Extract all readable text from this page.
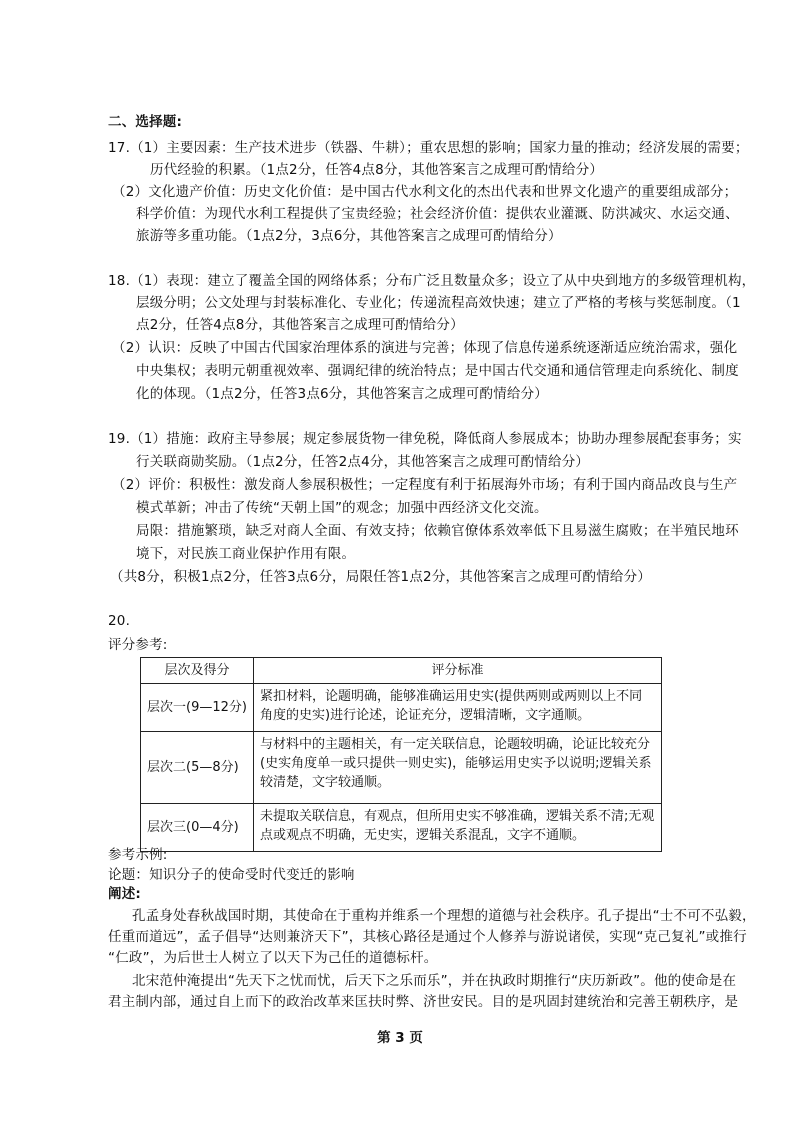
二、选择题:
17.（1）主要因素：生产技术进步（铁器、牛耕）；重农思想的影响；国家力量的推动；经济发展的需要；
历代经验的积累。（1点2分，任答4点8分，其他答案言之成理可酌情给分）
（2）文化遗产价值：历史文化价值：是中国古代水利文化的杰出代表和世界文化遗产的重要组成部分；
科学价值：为现代水利工程提供了宝贵经验；社会经济价值：提供农业灌溉、防洪减灾、水运交通、
旅游等多重功能。（1点2分，3点6分，其他答案言之成理可酌情给分）
18.（1）表现：建立了覆盖全国的网络体系；分布广泛且数量众多；设立了从中央到地方的多级管理机构，
层级分明；公文处理与封装标准化、专业化；传递流程高效快速；建立了严格的考核与奖惩制度。（1
点2分，任答4点8分，其他答案言之成理可酌情给分）
（2）认识：反映了中国古代国家治理体系的演进与完善；体现了信息传递系统逐渐适应统治需求，强化
中央集权；表明元朝重视效率、强调纪律的统治特点；是中国古代交通和通信管理走向系统化、制度
化的体现。（1点2分，任答3点6分，其他答案言之成理可酌情给分）
19.（1）措施：政府主导参展；规定参展货物一律免税，降低商人参展成本；协助办理参展配套事务；实
行关联商勋奖励。（1点2分，任答2点4分，其他答案言之成理可酌情给分）
（2）评价：积极性：激发商人参展积极性；一定程度有利于拓展海外市场；有利于国内商品改良与生产
模式革新；冲击了传统“天朝上国”的观念；加强中西经济文化交流。
局限：措施繁琐，缺乏对商人全面、有效支持；依赖官僚体系效率低下且易滋生腐败；在半殖民地环
境下，对民族工商业保护作用有限。
（共8分，积极1点2分，任答3点6分，局限任答1点2分，其他答案言之成理可酌情给分）
20.
评分参考:
层次及得分	评分标准
层次一(9—12分)	紧扣材料，论题明确，能够准确运用史实(提供两则或两则以上不同角度的史实)进行论述，论证充分，逻辑清晰，文字通顺。
层次二(5—8分)	与材料中的主题相关，有一定关联信息，论题较明确，论证比较充分(史实角度单一或只提供一则史实)，能够运用史实予以说明;逻辑关系较清楚，文字较通顺。
层次三(0—4分)	未提取关联信息，有观点，但所用史实不够准确，逻辑关系不清;无观点或观点不明确，无史实，逻辑关系混乱，文字不通顺。
参考示例:
论题：知识分子的使命受时代变迁的影响
阐述:
孔孟身处春秋战国时期，其使命在于重构并维系一个理想的道德与社会秩序。孔子提出“士不可不弘毅，
任重而道远”，孟子倡导“达则兼济天下”，其核心路径是通过个人修养与游说诸侯，实现“克己复礼”或推行
“仁政”，为后世士人树立了以天下为己任的道德标杆。
北宋范仲淹提出“先天下之忧而忧，后天下之乐而乐”，并在执政时期推行“庆历新政”。他的使命是在
君主制内部，通过自上而下的政治改革来匡扶时弊、济世安民。目的是巩固封建统治和完善王朝秩序，是
第 3 页
